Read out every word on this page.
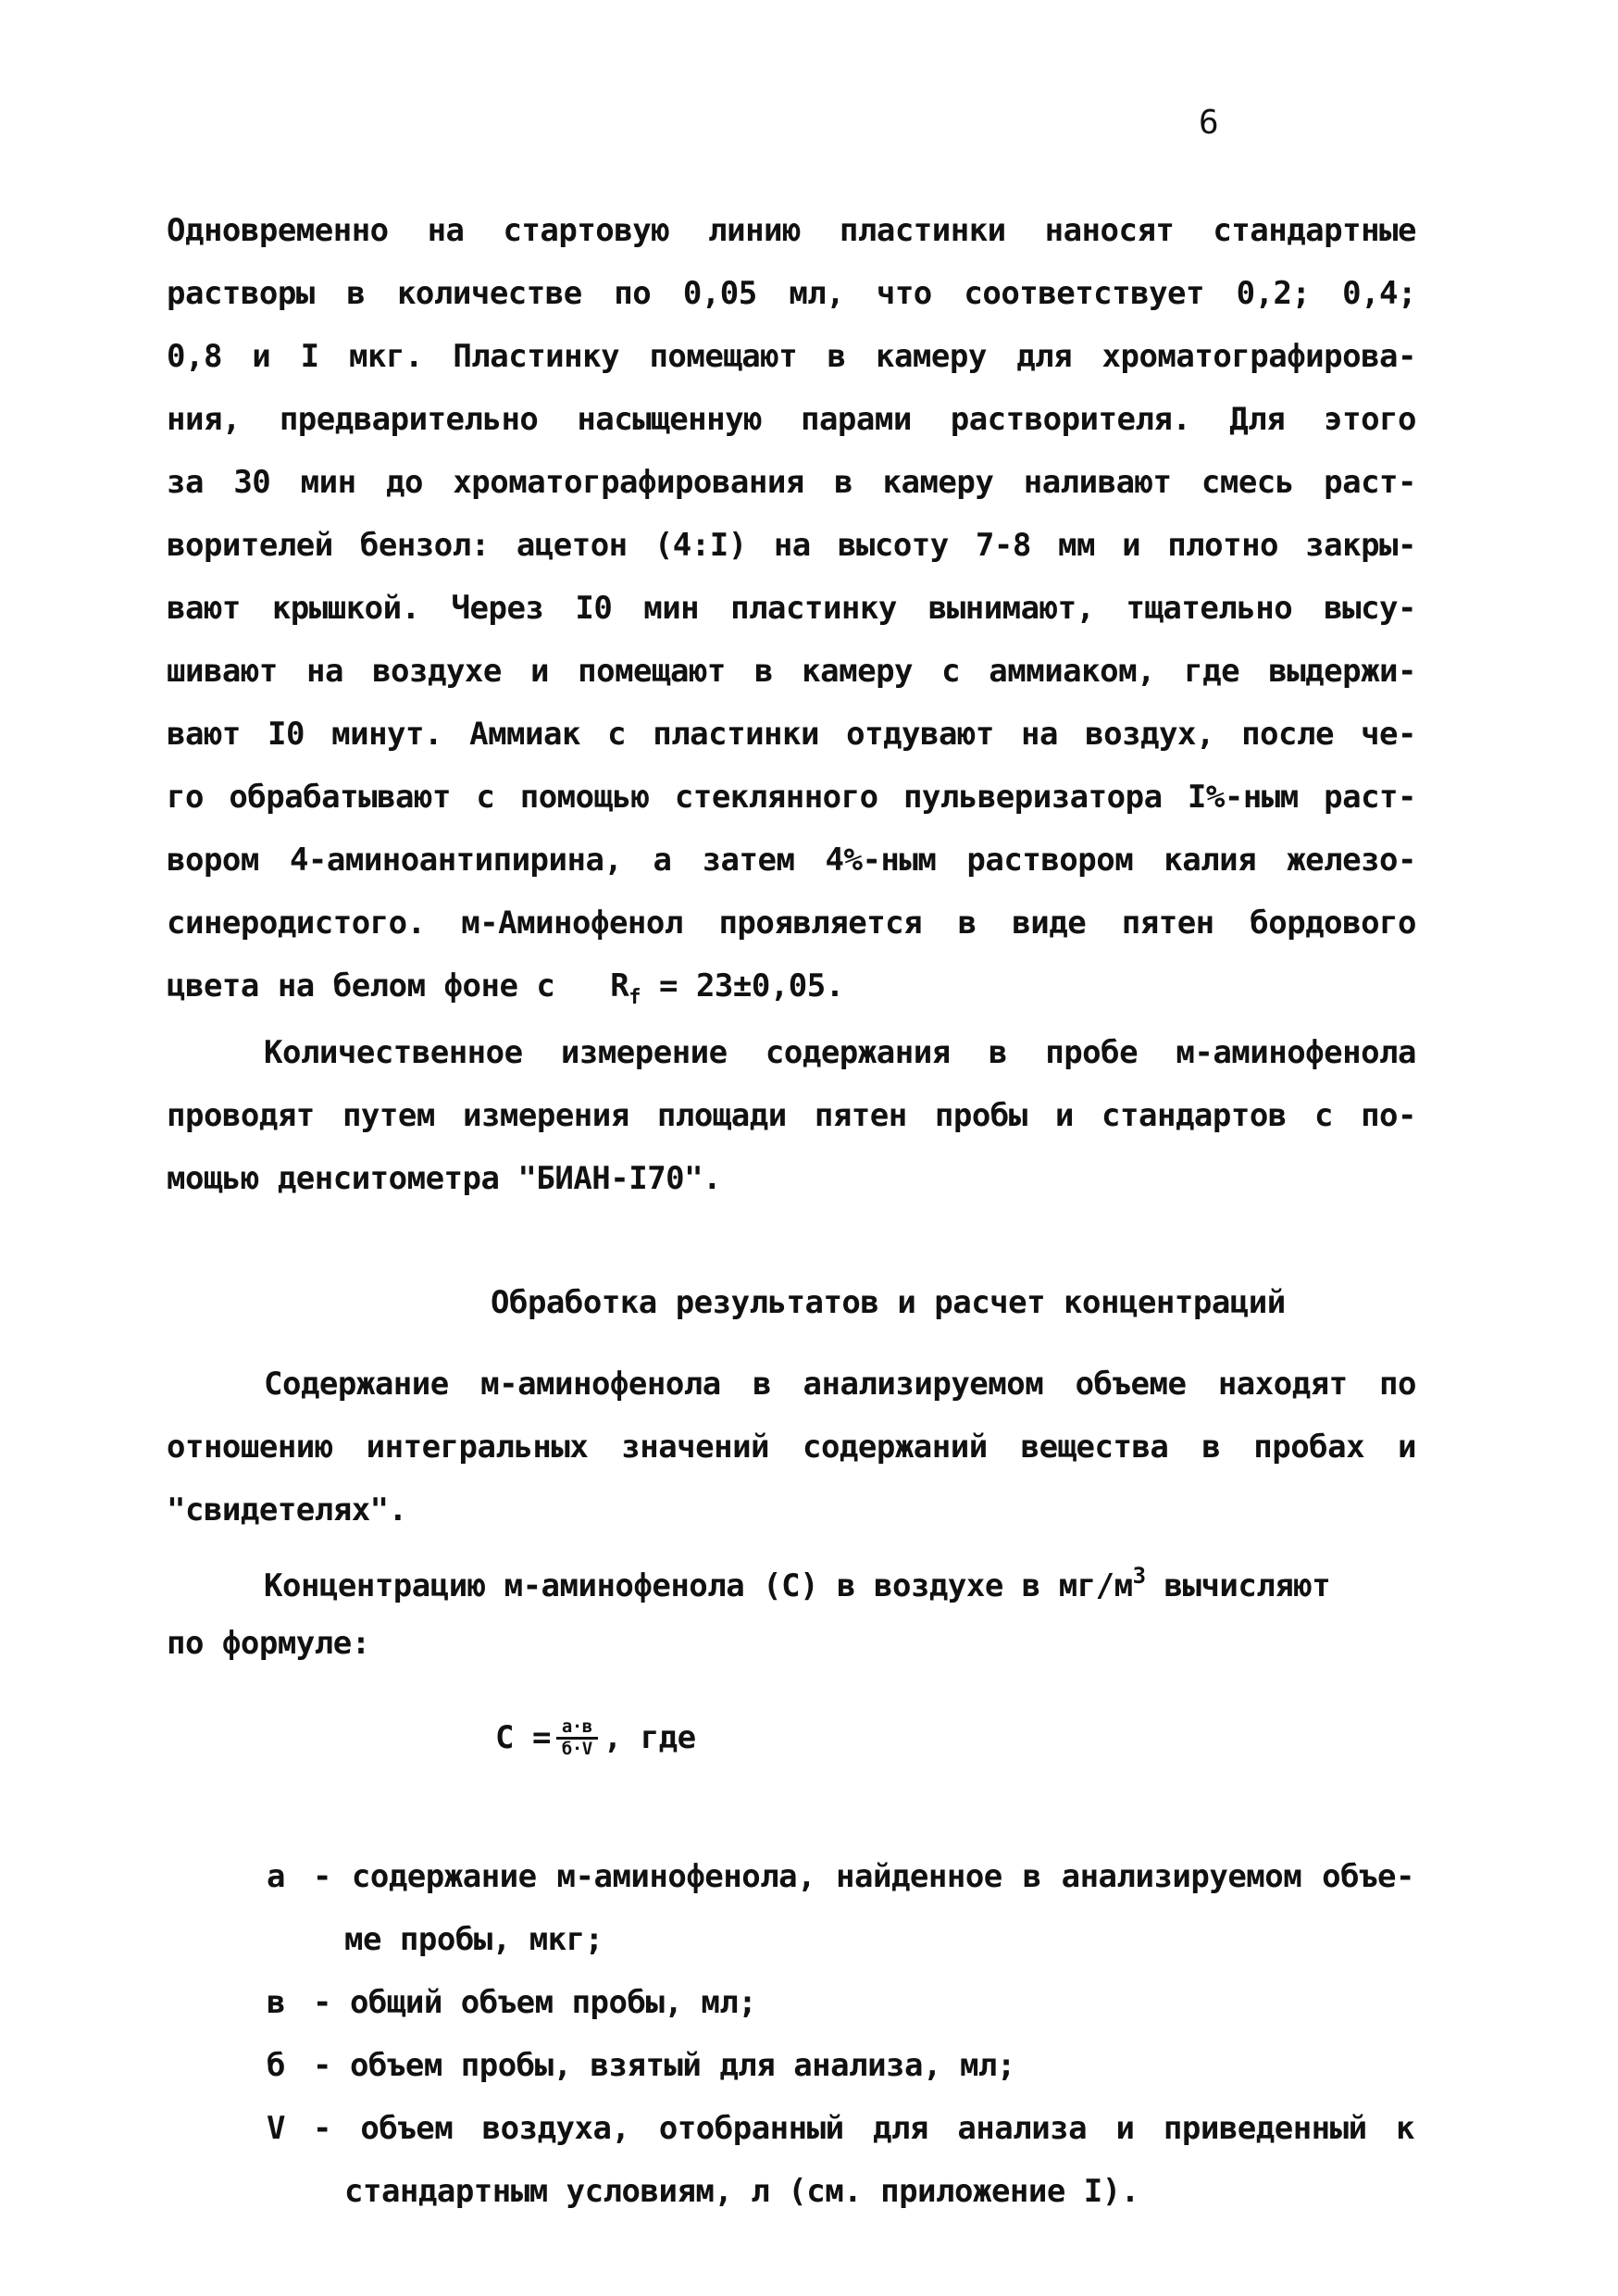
6
Одновременно на стартовую линию пластинки наносят стандартные
растворы в количестве по 0,05 мл, что соответствует 0,2; 0,4;
0,8 и I мкг. Пластинку помещают в камеру для хроматографирова-
ния, предварительно насыщенную парами растворителя. Для этого
за 30 мин до хроматографирования в камеру наливают смесь раст-
ворителей бензол: ацетон (4:I) на высоту 7-8 мм и плотно закры-
вают крышкой. Через I0 мин пластинку вынимают, тщательно высу-
шивают на воздухе и помещают в камеру с аммиаком, где выдержи-
вают I0 минут. Аммиак с пластинки отдувают на воздух, после че-
го обрабатывают с помощью стеклянного пульверизатора I%-ным раст-
вором 4-аминоантипирина, а затем 4%-ным раствором калия железо-
синеродистого. м-Аминофенол проявляется в виде пятен бордового
цвета на белом фоне с $R_f = 23\pm 0,05$.
Количественное измерение содержания в пробе м-аминофенола
проводят путем измерения площади пятен пробы и стандартов с по-
мощью денситометра "БИАН-I70".
Обработка результатов и расчет концентраций
Содержание м-аминофенола в анализируемом объеме находят по
отношению интегральных значений содержаний вещества в пробах и
"свидетелях".
Концентрацию м-аминофенола (С) в воздухе в $мг/м^3$ вычисляют
по формуле:
$С = \frac{а\cdot в}{б\cdot V}$ , где
а - содержание м-аминофенола, найденное в анализируемом объе-
ме пробы, мкг;
в - общий объем пробы, мл;
б - объем пробы, взятый для анализа, мл;
V - объем воздуха, отобранный для анализа и приведенный к
стандартным условиям, л (см. приложение I).
